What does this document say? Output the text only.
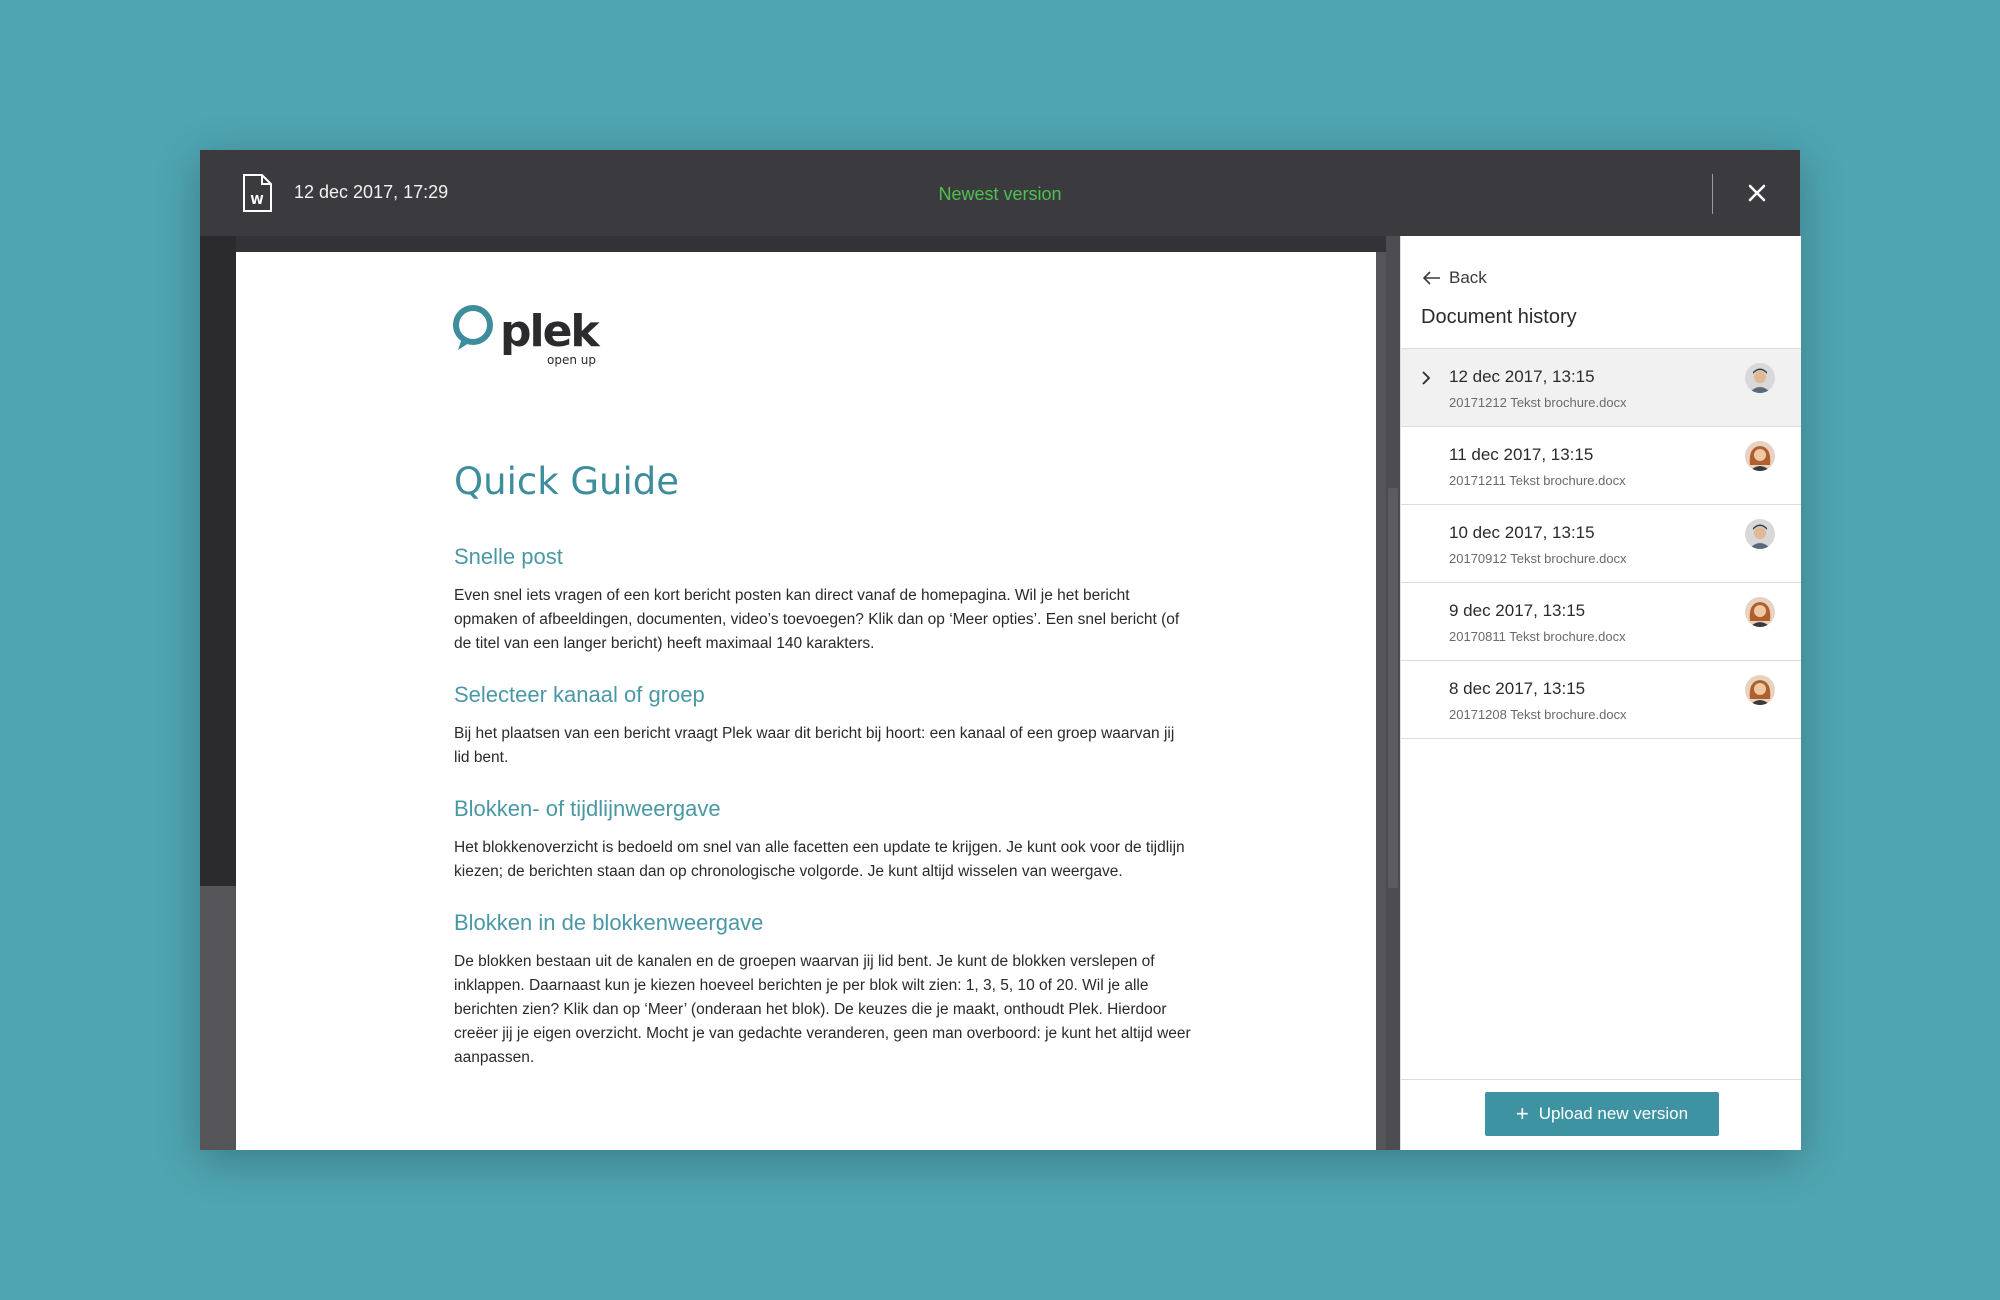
W 12 dec 2017, 17:29	Newest version
plek
open up
Quick Guide
Snelle post

Even snel iets vragen of een kort bericht posten kan direct vanaf de homepagina. Wil je het bericht opmaken of afbeeldingen, documenten, video’s toevoegen? Klik dan op ‘Meer opties’. Een snel bericht (of de titel van een langer bericht) heeft maximaal 140 karakters.

Selecteer kanaal of groep

Bij het plaatsen van een bericht vraagt Plek waar dit bericht bij hoort: een kanaal of een groep waarvan jij lid bent.

Blokken- of tijdlijnweergave

Het blokkenoverzicht is bedoeld om snel van alle facetten een update te krijgen. Je kunt ook voor de tijdlijn kiezen; de berichten staan dan op chronologische volgorde. Je kunt altijd wisselen van weergave.

Blokken in de blokkenweergave

De blokken bestaan uit de kanalen en de groepen waarvan jij lid bent. Je kunt de blokken verslepen of inklappen. Daarnaast kun je kiezen hoeveel berichten je per blok wilt zien: 1, 3, 5, 10 of 20. Wil je alle berichten zien? Klik dan op ‘Meer’ (onderaan het blok). De keuzes die je maakt, onthoudt Plek. Hierdoor creëer jij je eigen overzicht. Mocht je van gedachte veranderen, geen man overboord: je kunt het altijd weer aanpassen.

Back
Document history
12 dec 2017, 13:15
20171212 Tekst brochure.docx
11 dec 2017, 13:15
20171211 Tekst brochure.docx
10 dec 2017, 13:15
20170912 Tekst brochure.docx
9 dec 2017, 13:15
20170811 Tekst brochure.docx
8 dec 2017, 13:15
20171208 Tekst brochure.docx
+ Upload new version
